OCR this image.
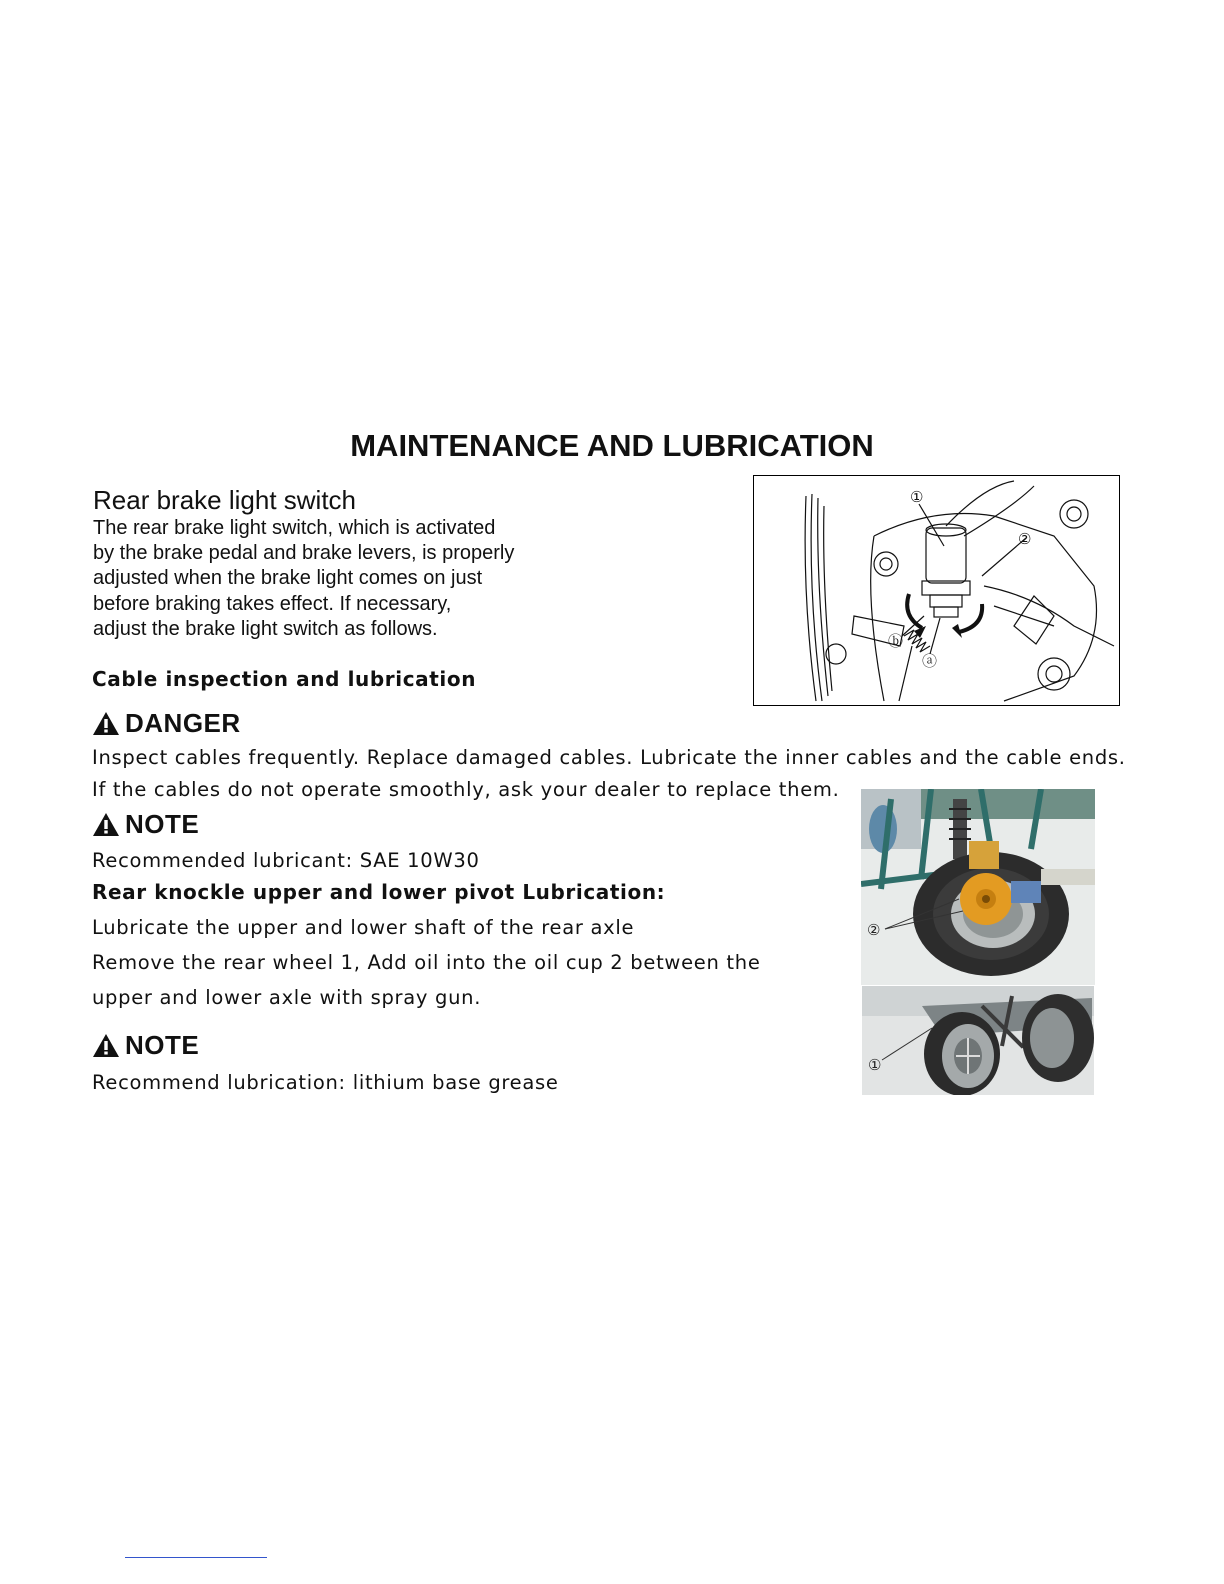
MAINTENANCE AND LUBRICATION
Rear brake light switch
The rear brake light switch, which is activated
by the brake pedal and brake levers, is properly
adjusted when the brake light comes on just
before braking takes effect. If necessary,
adjust the brake light switch as follows.
Cable inspection and lubrication
①
②
ⓑ
ⓐ
DANGER
Inspect cables frequently. Replace damaged cables. Lubricate the inner cables and the cable ends.
If the cables do not operate smoothly, ask your dealer to replace them.
NOTE
Recommended lubricant: SAE 10W30
Rear knockle upper and lower pivot Lubrication:
Lubricate the upper and lower shaft of the rear axle
Remove the rear wheel 1, Add oil into the oil cup 2 between the
upper and lower axle with spray gun.
NOTE
Recommend lubrication: lithium base grease
②
①
